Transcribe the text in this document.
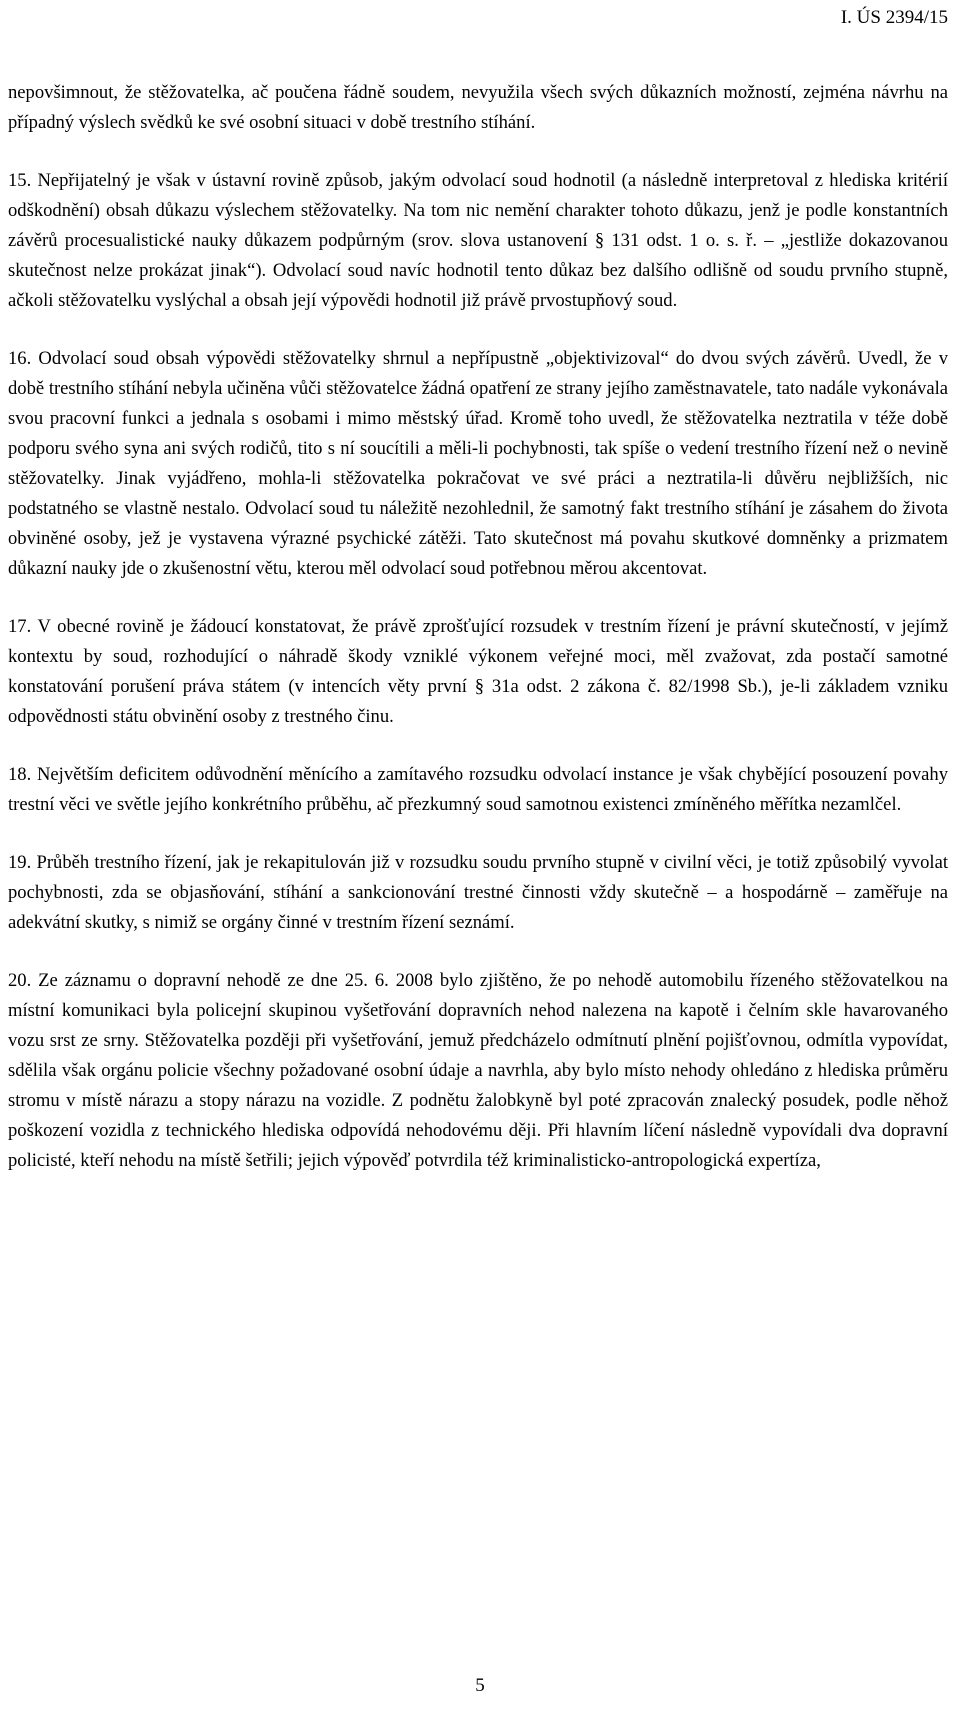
I. ÚS 2394/15

nepovšimnout, že stěžovatelka, ač poučena řádně soudem, nevyužila všech svých důkazních možností, zejména návrhu na případný výslech svědků ke své osobní situaci v době trestního stíhání.

15. Nepřijatelný je však v ústavní rovině způsob, jakým odvolací soud hodnotil (a následně interpretoval z hlediska kritérií odškodnění) obsah důkazu výslechem stěžovatelky. Na tom nic nemění charakter tohoto důkazu, jenž je podle konstantních závěrů procesualistické nauky důkazem podpůrným (srov. slova ustanovení § 131 odst. 1 o. s. ř. – „jestliže dokazovanou skutečnost nelze prokázat jinak“). Odvolací soud navíc hodnotil tento důkaz bez dalšího odlišně od soudu prvního stupně, ačkoli stěžovatelku vyslýchal a obsah její výpovědi hodnotil již právě prvostupňový soud.

16. Odvolací soud obsah výpovědi stěžovatelky shrnul a nepřípustně „objektivizoval“ do dvou svých závěrů. Uvedl, že v době trestního stíhání nebyla učiněna vůči stěžovatelce žádná opatření ze strany jejího zaměstnavatele, tato nadále vykonávala svou pracovní funkci a jednala s osobami i mimo městský úřad. Kromě toho uvedl, že stěžovatelka neztratila v téže době podporu svého syna ani svých rodičů, tito s ní soucítili a měli-li pochybnosti, tak spíše o vedení trestního řízení než o nevině stěžovatelky. Jinak vyjádřeno, mohla-li stěžovatelka pokračovat ve své práci a neztratila-li důvěru nejbližších, nic podstatného se vlastně nestalo. Odvolací soud tu náležitě nezohlednil, že samotný fakt trestního stíhání je zásahem do života obviněné osoby, jež je vystavena výrazné psychické zátěži. Tato skutečnost má povahu skutkové domněnky a prizmatem důkazní nauky jde o zkušenostní větu, kterou měl odvolací soud potřebnou měrou akcentovat.

17. V obecné rovině je žádoucí konstatovat, že právě zprošťující rozsudek v trestním řízení je právní skutečností, v jejímž kontextu by soud, rozhodující o náhradě škody vzniklé výkonem veřejné moci, měl zvažovat, zda postačí samotné konstatování porušení práva státem (v intencích věty první § 31a odst. 2 zákona č. 82/1998 Sb.), je-li základem vzniku odpovědnosti státu obvinění osoby z trestného činu.

18. Největším deficitem odůvodnění měnícího a zamítavého rozsudku odvolací instance je však chybějící posouzení povahy trestní věci ve světle jejího konkrétního průběhu, ač přezkumný soud samotnou existenci zmíněného měřítka nezamlčel.

19. Průběh trestního řízení, jak je rekapitulován již v rozsudku soudu prvního stupně v civilní věci, je totiž způsobilý vyvolat pochybnosti, zda se objasňování, stíhání a sankcionování trestné činnosti vždy skutečně – a hospodárně – zaměřuje na adekvátní skutky, s nimiž se orgány činné v trestním řízení seznámí.

20. Ze záznamu o dopravní nehodě ze dne 25. 6. 2008 bylo zjištěno, že po nehodě automobilu řízeného stěžovatelkou na místní komunikaci byla policejní skupinou vyšetřování dopravních nehod nalezena na kapotě i čelním skle havarovaného vozu srst ze srny. Stěžovatelka později při vyšetřování, jemuž předcházelo odmítnutí plnění pojišťovnou, odmítla vypovídat, sdělila však orgánu policie všechny požadované osobní údaje a navrhla, aby bylo místo nehody ohledáno z hlediska průměru stromu v místě nárazu a stopy nárazu na vozidle. Z podnětu žalobkyně byl poté zpracován znalecký posudek, podle něhož poškození vozidla z technického hlediska odpovídá nehodovému ději. Při hlavním líčení následně vypovídali dva dopravní policisté, kteří nehodu na místě šetřili; jejich výpověď potvrdila též kriminalisticko-antropologická expertíza,

5
